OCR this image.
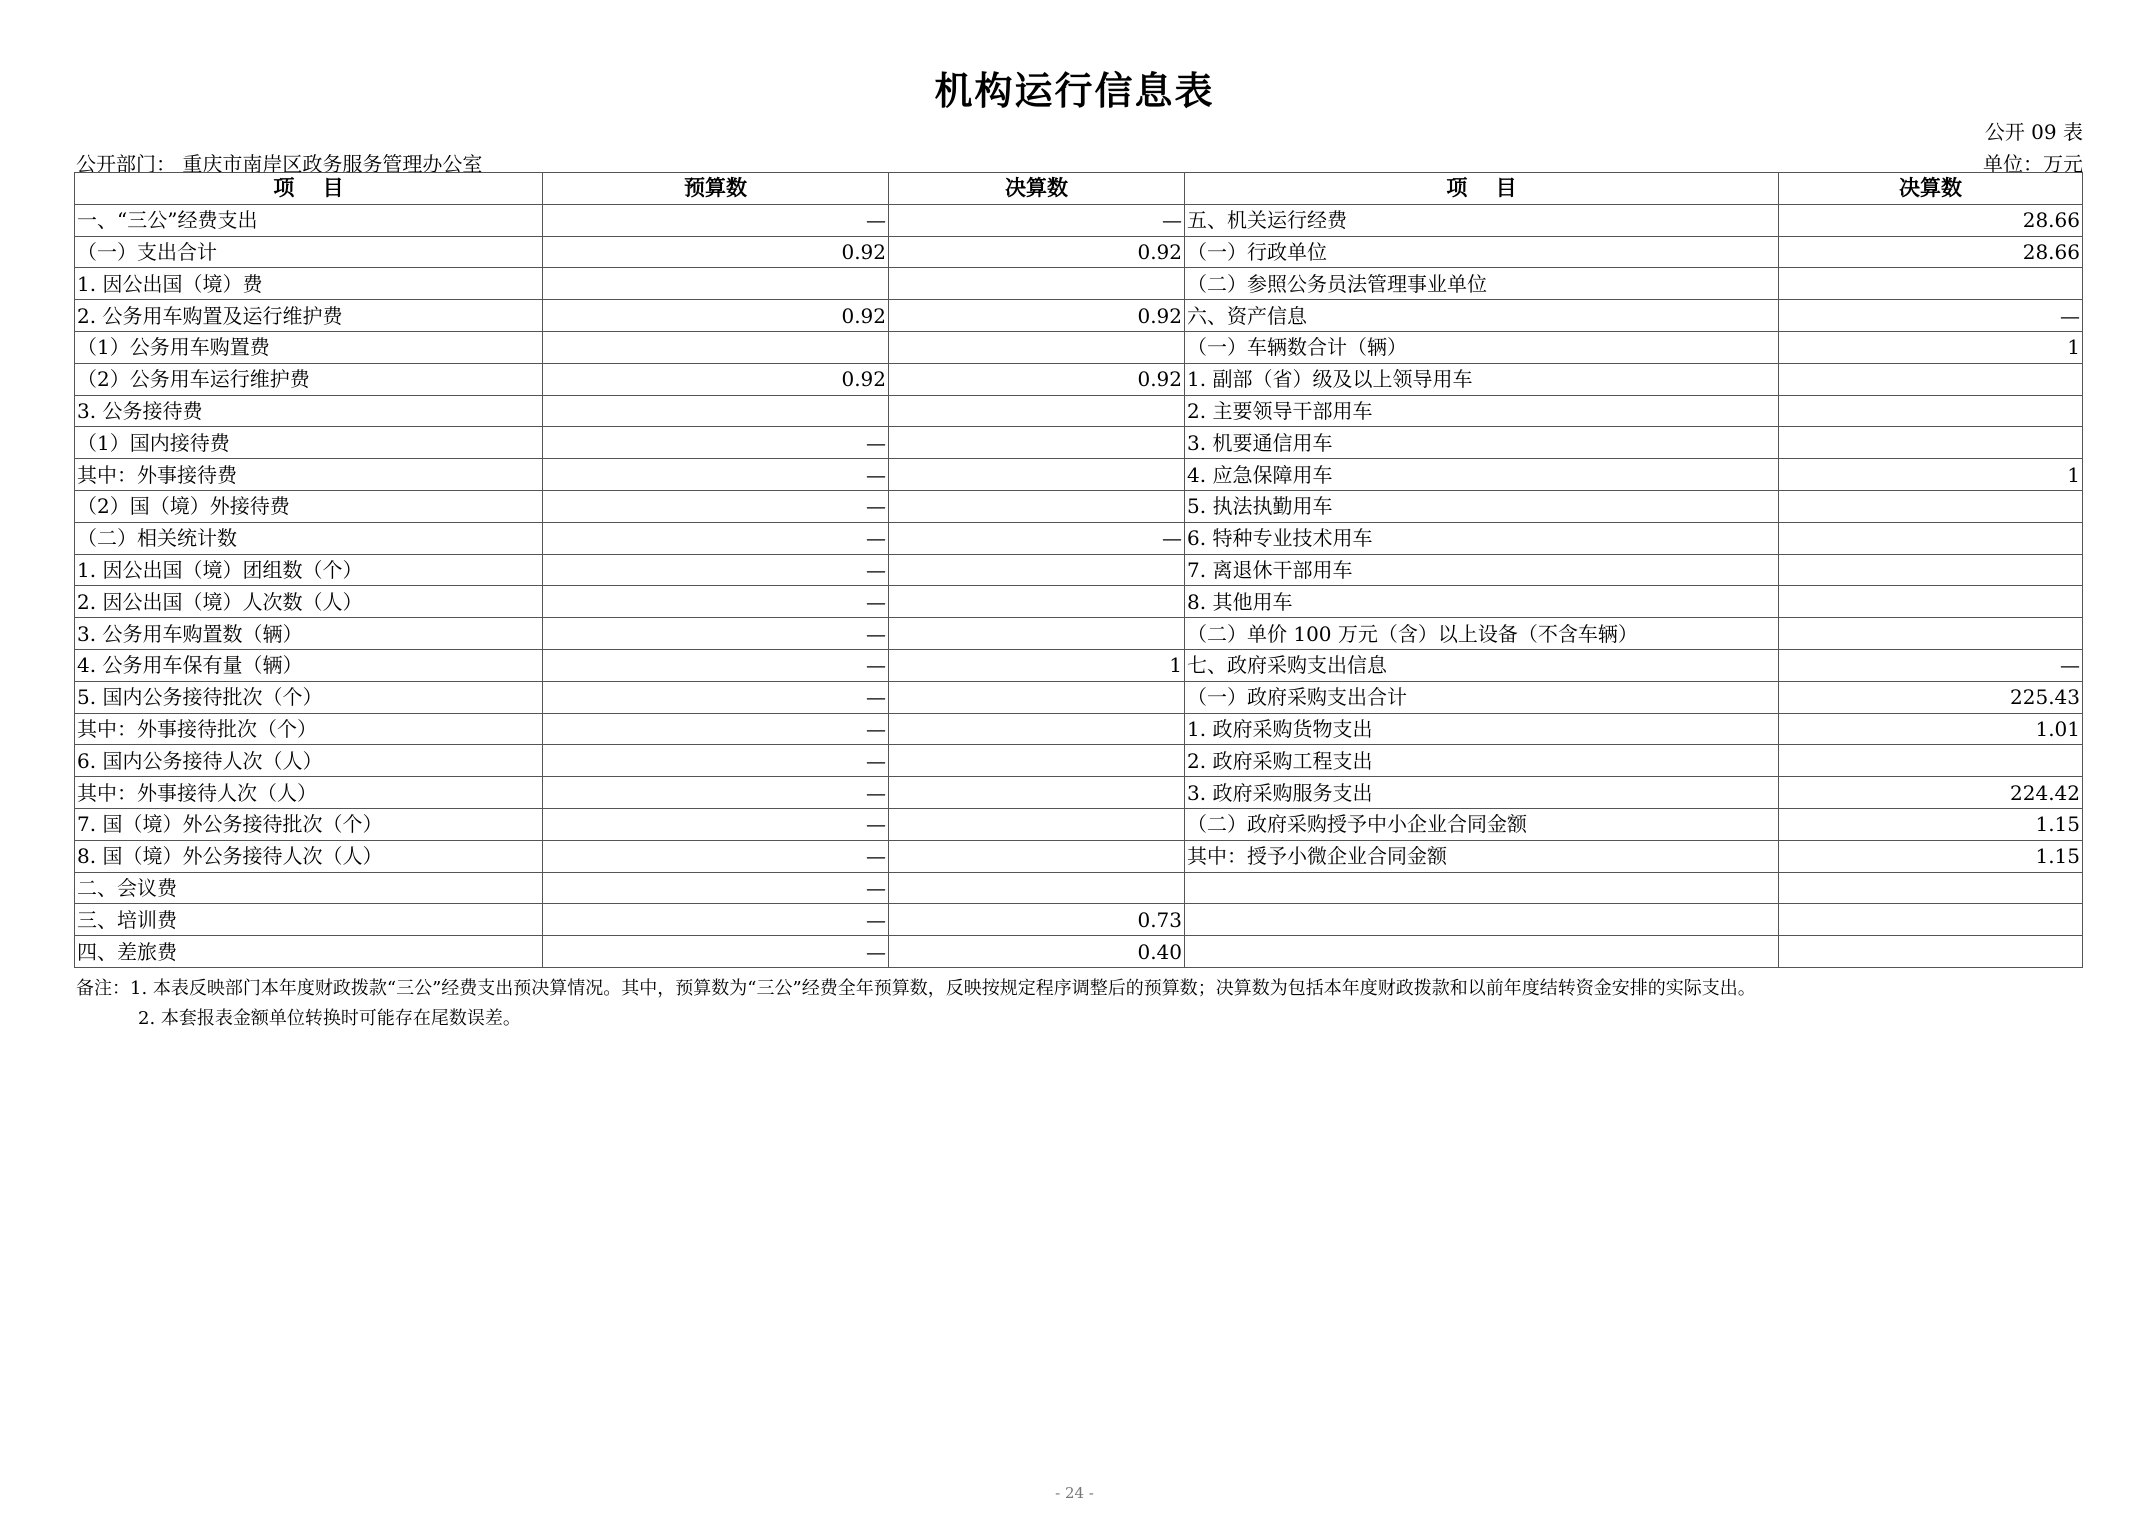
机构运行信息表
公开 09 表
公开部门： 重庆市南岸区政务服务管理办公室	单位：万元
项　 目	预算数	决算数	项　 目	决算数
一、“三公”经费支出	—	—	五、机关运行经费	28.66
（一）支出合计	0.92	0.92	（一）行政单位	28.66
1. 因公出国（境）费			（二）参照公务员法管理事业单位	
2. 公务用车购置及运行维护费	0.92	0.92	六、资产信息	—
（1）公务用车购置费			（一）车辆数合计（辆）	1
（2）公务用车运行维护费	0.92	0.92	1. 副部（省）级及以上领导用车	
3. 公务接待费			2. 主要领导干部用车	
（1）国内接待费	—		3. 机要通信用车	
其中：外事接待费	—		4. 应急保障用车	1
（2）国（境）外接待费	—		5. 执法执勤用车	
（二）相关统计数	—	—	6. 特种专业技术用车	
1. 因公出国（境）团组数（个）	—		7. 离退休干部用车	
2. 因公出国（境）人次数（人）	—		8. 其他用车	
3. 公务用车购置数（辆）	—		（二）单价 100 万元（含）以上设备（不含车辆）	
4. 公务用车保有量（辆）	—	1	七、政府采购支出信息	—
5. 国内公务接待批次（个）	—		（一）政府采购支出合计	225.43
其中：外事接待批次（个）	—		1. 政府采购货物支出	1.01
6. 国内公务接待人次（人）	—		2. 政府采购工程支出	
其中：外事接待人次（人）	—		3. 政府采购服务支出	224.42
7. 国（境）外公务接待批次（个）	—		（二）政府采购授予中小企业合同金额	1.15
8. 国（境）外公务接待人次（人）	—		其中：授予小微企业合同金额	1.15
二、会议费	—			
三、培训费	—	0.73		
四、差旅费	—	0.40		
备注：1. 本表反映部门本年度财政拨款“三公”经费支出预决算情况。其中，预算数为“三公”经费全年预算数，反映按规定程序调整后的预算数；决算数为包括本年度财政拨款和以前年度结转资金安排的实际支出。
2. 本套报表金额单位转换时可能存在尾数误差。
- 24 -
